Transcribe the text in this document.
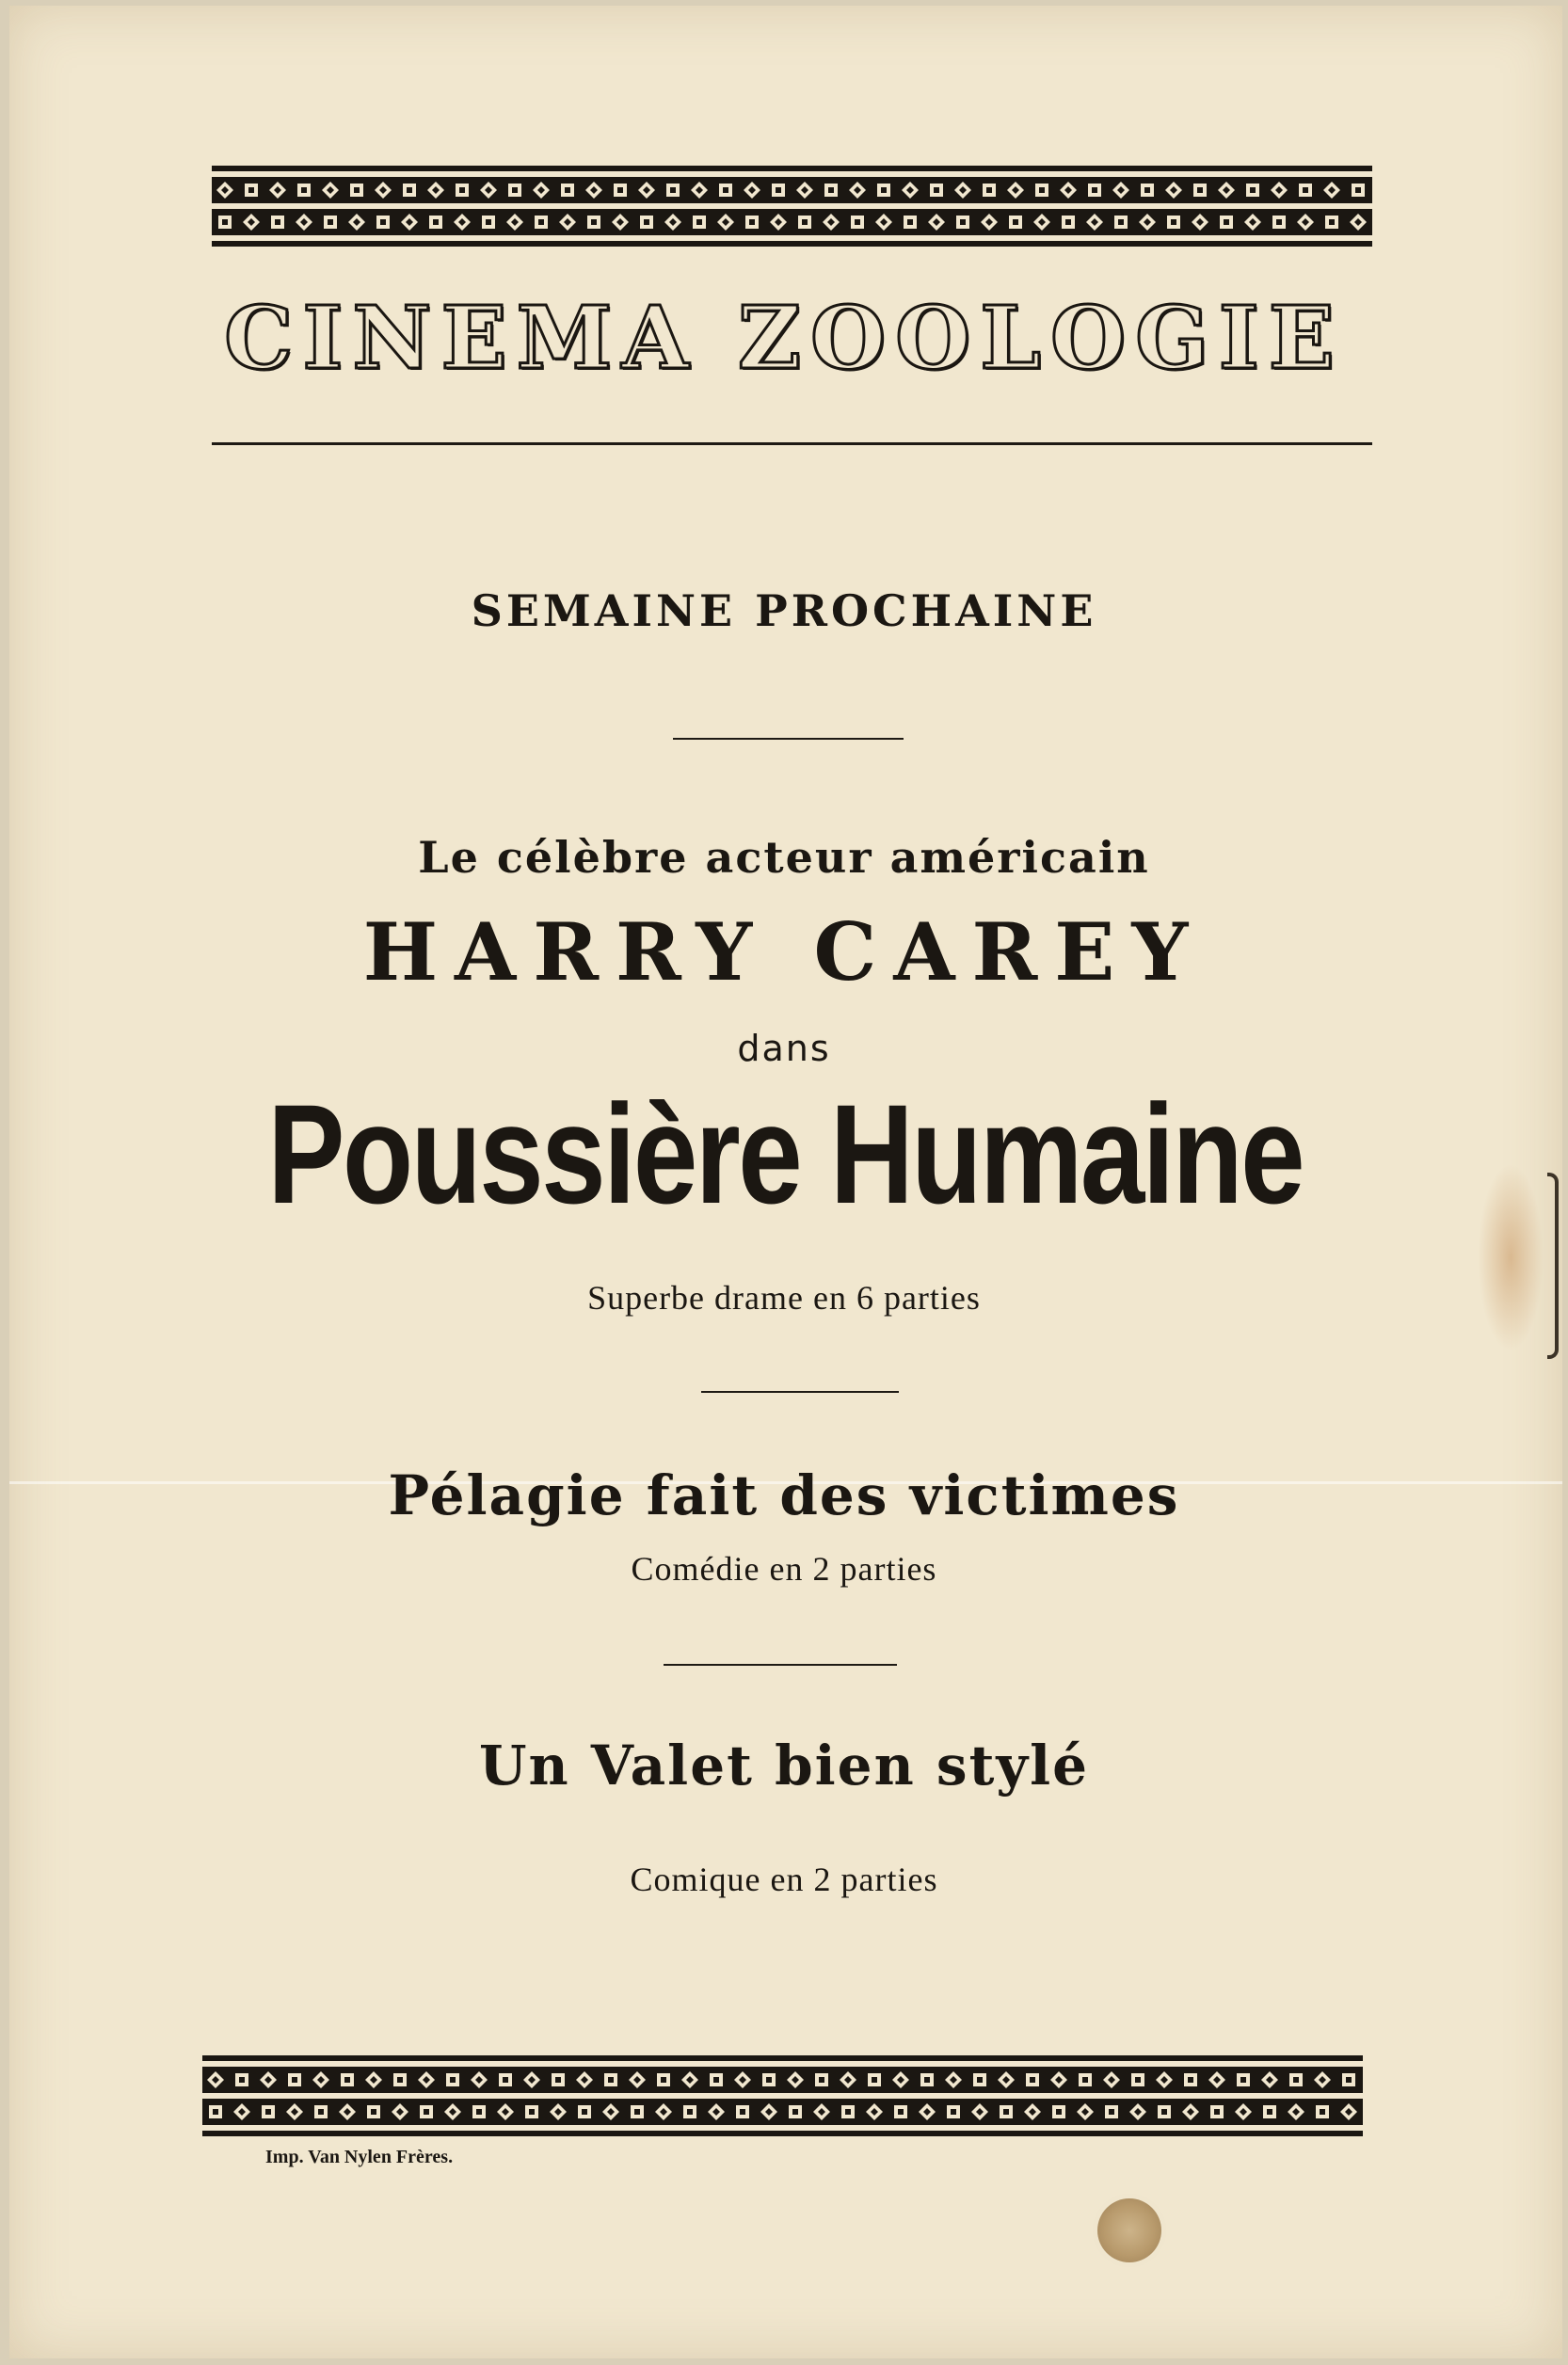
CINEMA ZOOLOGIE
SEMAINE PROCHAINE
Le célèbre acteur américain
HARRY CAREY
dans
Poussière Humaine
Superbe drame en 6 parties
Pélagie fait des victimes
Comédie en 2 parties
Un Valet bien stylé
Comique en 2 parties
Imp. Van Nylen Frères.
